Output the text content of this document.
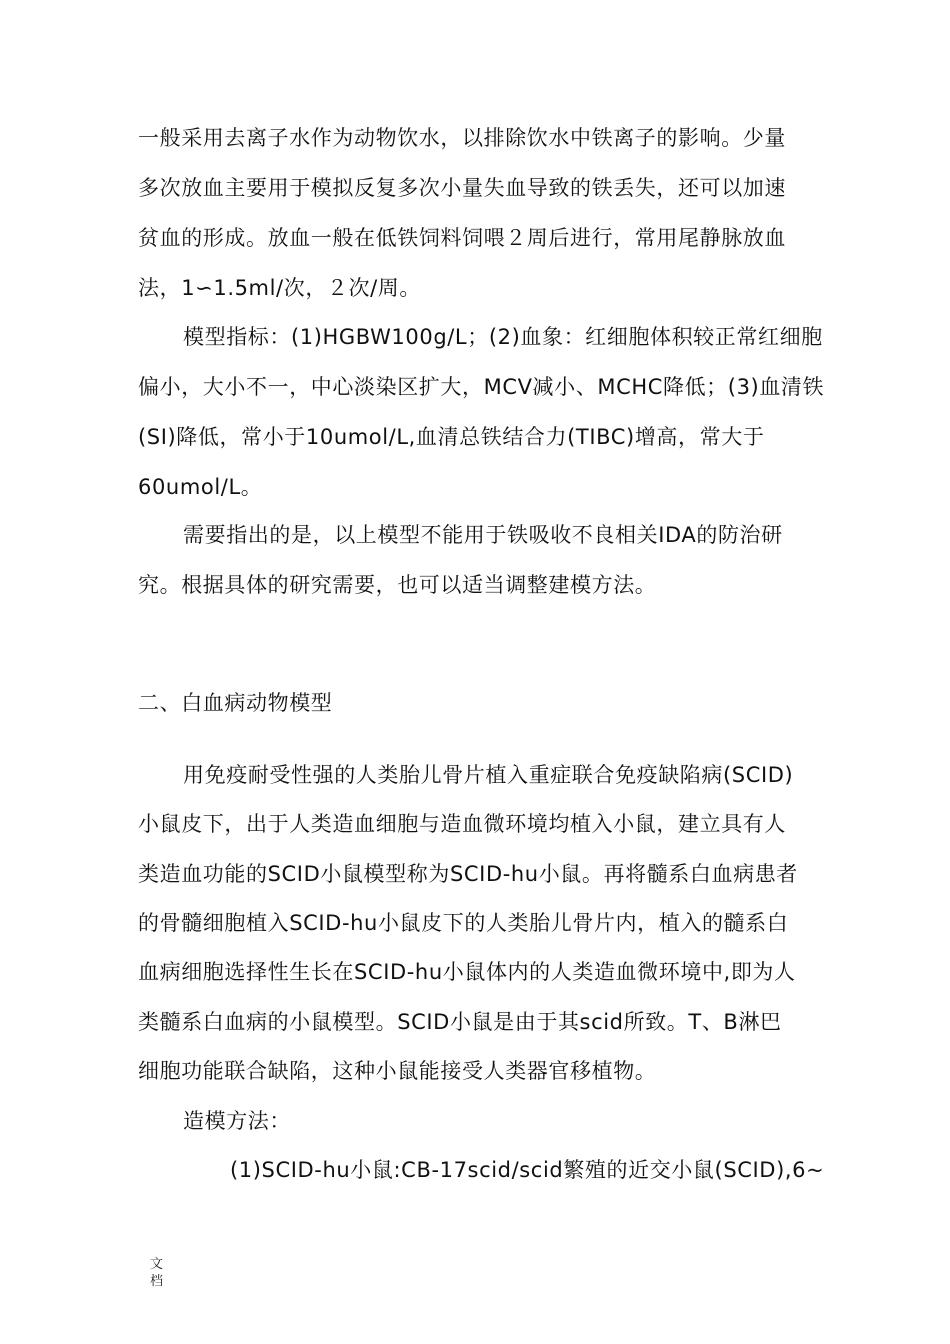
一般采用去离子水作为动物饮水，以排除饮水中铁离子的影响。少量
多次放血主要用于模拟反复多次小量失血导致的铁丢失，还可以加速
贫血的形成。放血一般在低铁饲料饲喂２周后进行，常用尾静脉放血
法，1∽1.5ml/次，２次/周。
模型指标：(1)HGBW100g/L；(2)血象：红细胞体积较正常红细胞
偏小，大小不一，中心淡染区扩大，MCV减小、MCHC降低；(3)血清铁
(SI)降低，常小于10umol/L,血清总铁结合力(TIBC)增高，常大于
60umol/L。
需要指出的是，以上模型不能用于铁吸收不良相关IDA的防治研
究。根据具体的研究需要，也可以适当调整建模方法。
二、白血病动物模型
用免疫耐受性强的人类胎儿骨片植入重症联合免疫缺陷病(SCID)
小鼠皮下，出于人类造血细胞与造血微环境均植入小鼠，建立具有人
类造血功能的SCID小鼠模型称为SCID-hu小鼠。再将髓系白血病患者
的骨髓细胞植入SCID-hu小鼠皮下的人类胎儿骨片内，植入的髓系白
血病细胞选择性生长在SCID-hu小鼠体内的人类造血微环境中,即为人
类髓系白血病的小鼠模型。SCID小鼠是由于其scid所致。T、B淋巴
细胞功能联合缺陷，这种小鼠能接受人类器官移植物。
造模方法：
(1)SCID-hu小鼠:CB-17scid/scid繁殖的近交小鼠(SCID),6~
文
档
